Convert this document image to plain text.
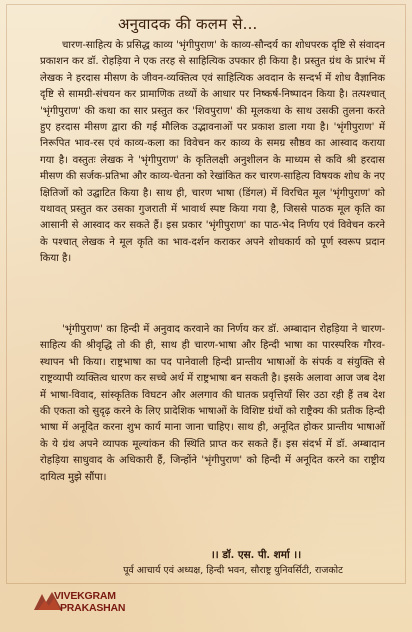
अनुवादक की कलम से...

चारण-साहित्य के प्रसिद्ध काव्य 'भृंगीपुराण' के काव्य-सौन्दर्य का शोधपरक दृष्टि से संवादन प्रकाशन कर डॉ. रोहड़िया ने एक तरह से साहित्यिक उपकार ही किया है। प्रस्तुत ग्रंथ के प्रारंभ में लेखक ने हरदास मीसण के जीवन-व्यक्तित्व एवं साहित्यिक अवदान के सन्दर्भ में शोध वैज्ञानिक दृष्टि से सामग्री-संचयन कर प्रामाणिक तथ्यों के आधार पर निष्कर्ष-निष्पादन किया है। तत्पश्चात् 'भृंगीपुराण' की कथा का सार प्रस्तुत कर 'शिवपुराण' की मूलकथा के साथ उसकी तुलना करते हुए हरदास मीसण द्वारा की गई मौलिक उद्भावनाओं पर प्रकाश डाला गया है। 'भृंगीपुराण' में निरूपित भाव-रस एवं काव्य-कला का विवेचन कर काव्य के समग्र सौष्ठव का आस्वाद कराया गया है। वस्तुतः लेखक ने 'भृंगीपुराण' के कृतिलक्षी अनुशीलन के माध्यम से कवि श्री हरदास मीसण की सर्जक-प्रतिभा और काव्य-चेतना को रेखांकित कर चारण-साहित्य विषयक शोध के नए क्षितिजों को उद्घाटित किया है। साथ ही, चारण भाषा (डिंगल) में विरचित मूल 'भृंगीपुराण' को यथावत् प्रस्तुत कर उसका गुजराती में भावार्थ स्पष्ट किया गया है, जिससे पाठक मूल कृति का आसानी से आस्वाद कर सकते हैं। इस प्रकार 'भृंगीपुराण' का पाठ-भेद निर्णय एवं विवेचन करने के पश्चात् लेखक ने मूल कृति का भाव-दर्शन कराकर अपने शोधकार्य को पूर्ण स्वरूप प्रदान किया है।

'भृंगीपुराण' का हिन्दी में अनुवाद करवाने का निर्णय कर डॉ. अम्बादान रोहड़िया ने चारण-साहित्य की श्रीवृद्धि तो की ही, साथ ही चारण-भाषा और हिन्दी भाषा का पारस्परिक गौरव-स्थापन भी किया। राष्ट्रभाषा का पद पानेवाली हिन्दी प्रान्तीय भाषाओं के संपर्क व संयुक्ति से राष्ट्रव्यापी व्यक्तित्व धारण कर सच्चे अर्थ में राष्ट्रभाषा बन सकती है। इसके अलावा आज जब देश में भाषा-विवाद, सांस्कृतिक विघटन और अलगाव की घातक प्रवृत्तियाँ सिर उठा रही हैं तब देश की एकता को सुदृढ़ करने के लिए प्रादेशिक भाषाओं के विशिष्ट ग्रंथों को राष्ट्रैक्य की प्रतीक हिन्दी भाषा में अनूदित करना शुभ कार्य माना जाना चाहिए। साथ ही, अनूदित होकर प्रान्तीय भाषाओं के ये ग्रंथ अपने व्यापक मूल्यांकन की स्थिति प्राप्त कर सकते हैं। इस संदर्भ में डॉ. अम्बादान रोहड़िया साधुवाद के अधिकारी हैं, जिन्होंने 'भृंगीपुराण' को हिन्दी में अनूदित करने का राष्ट्रीय दायित्व मुझे सौंपा।

।। डॉ. एस. पी. शर्मा ।।
पूर्व आचार्य एवं अध्यक्ष, हिन्दी भवन, सौराष्ट्र युनिवर्सिटी, राजकोट
VIVEKGRAM
PRAKASHAN
